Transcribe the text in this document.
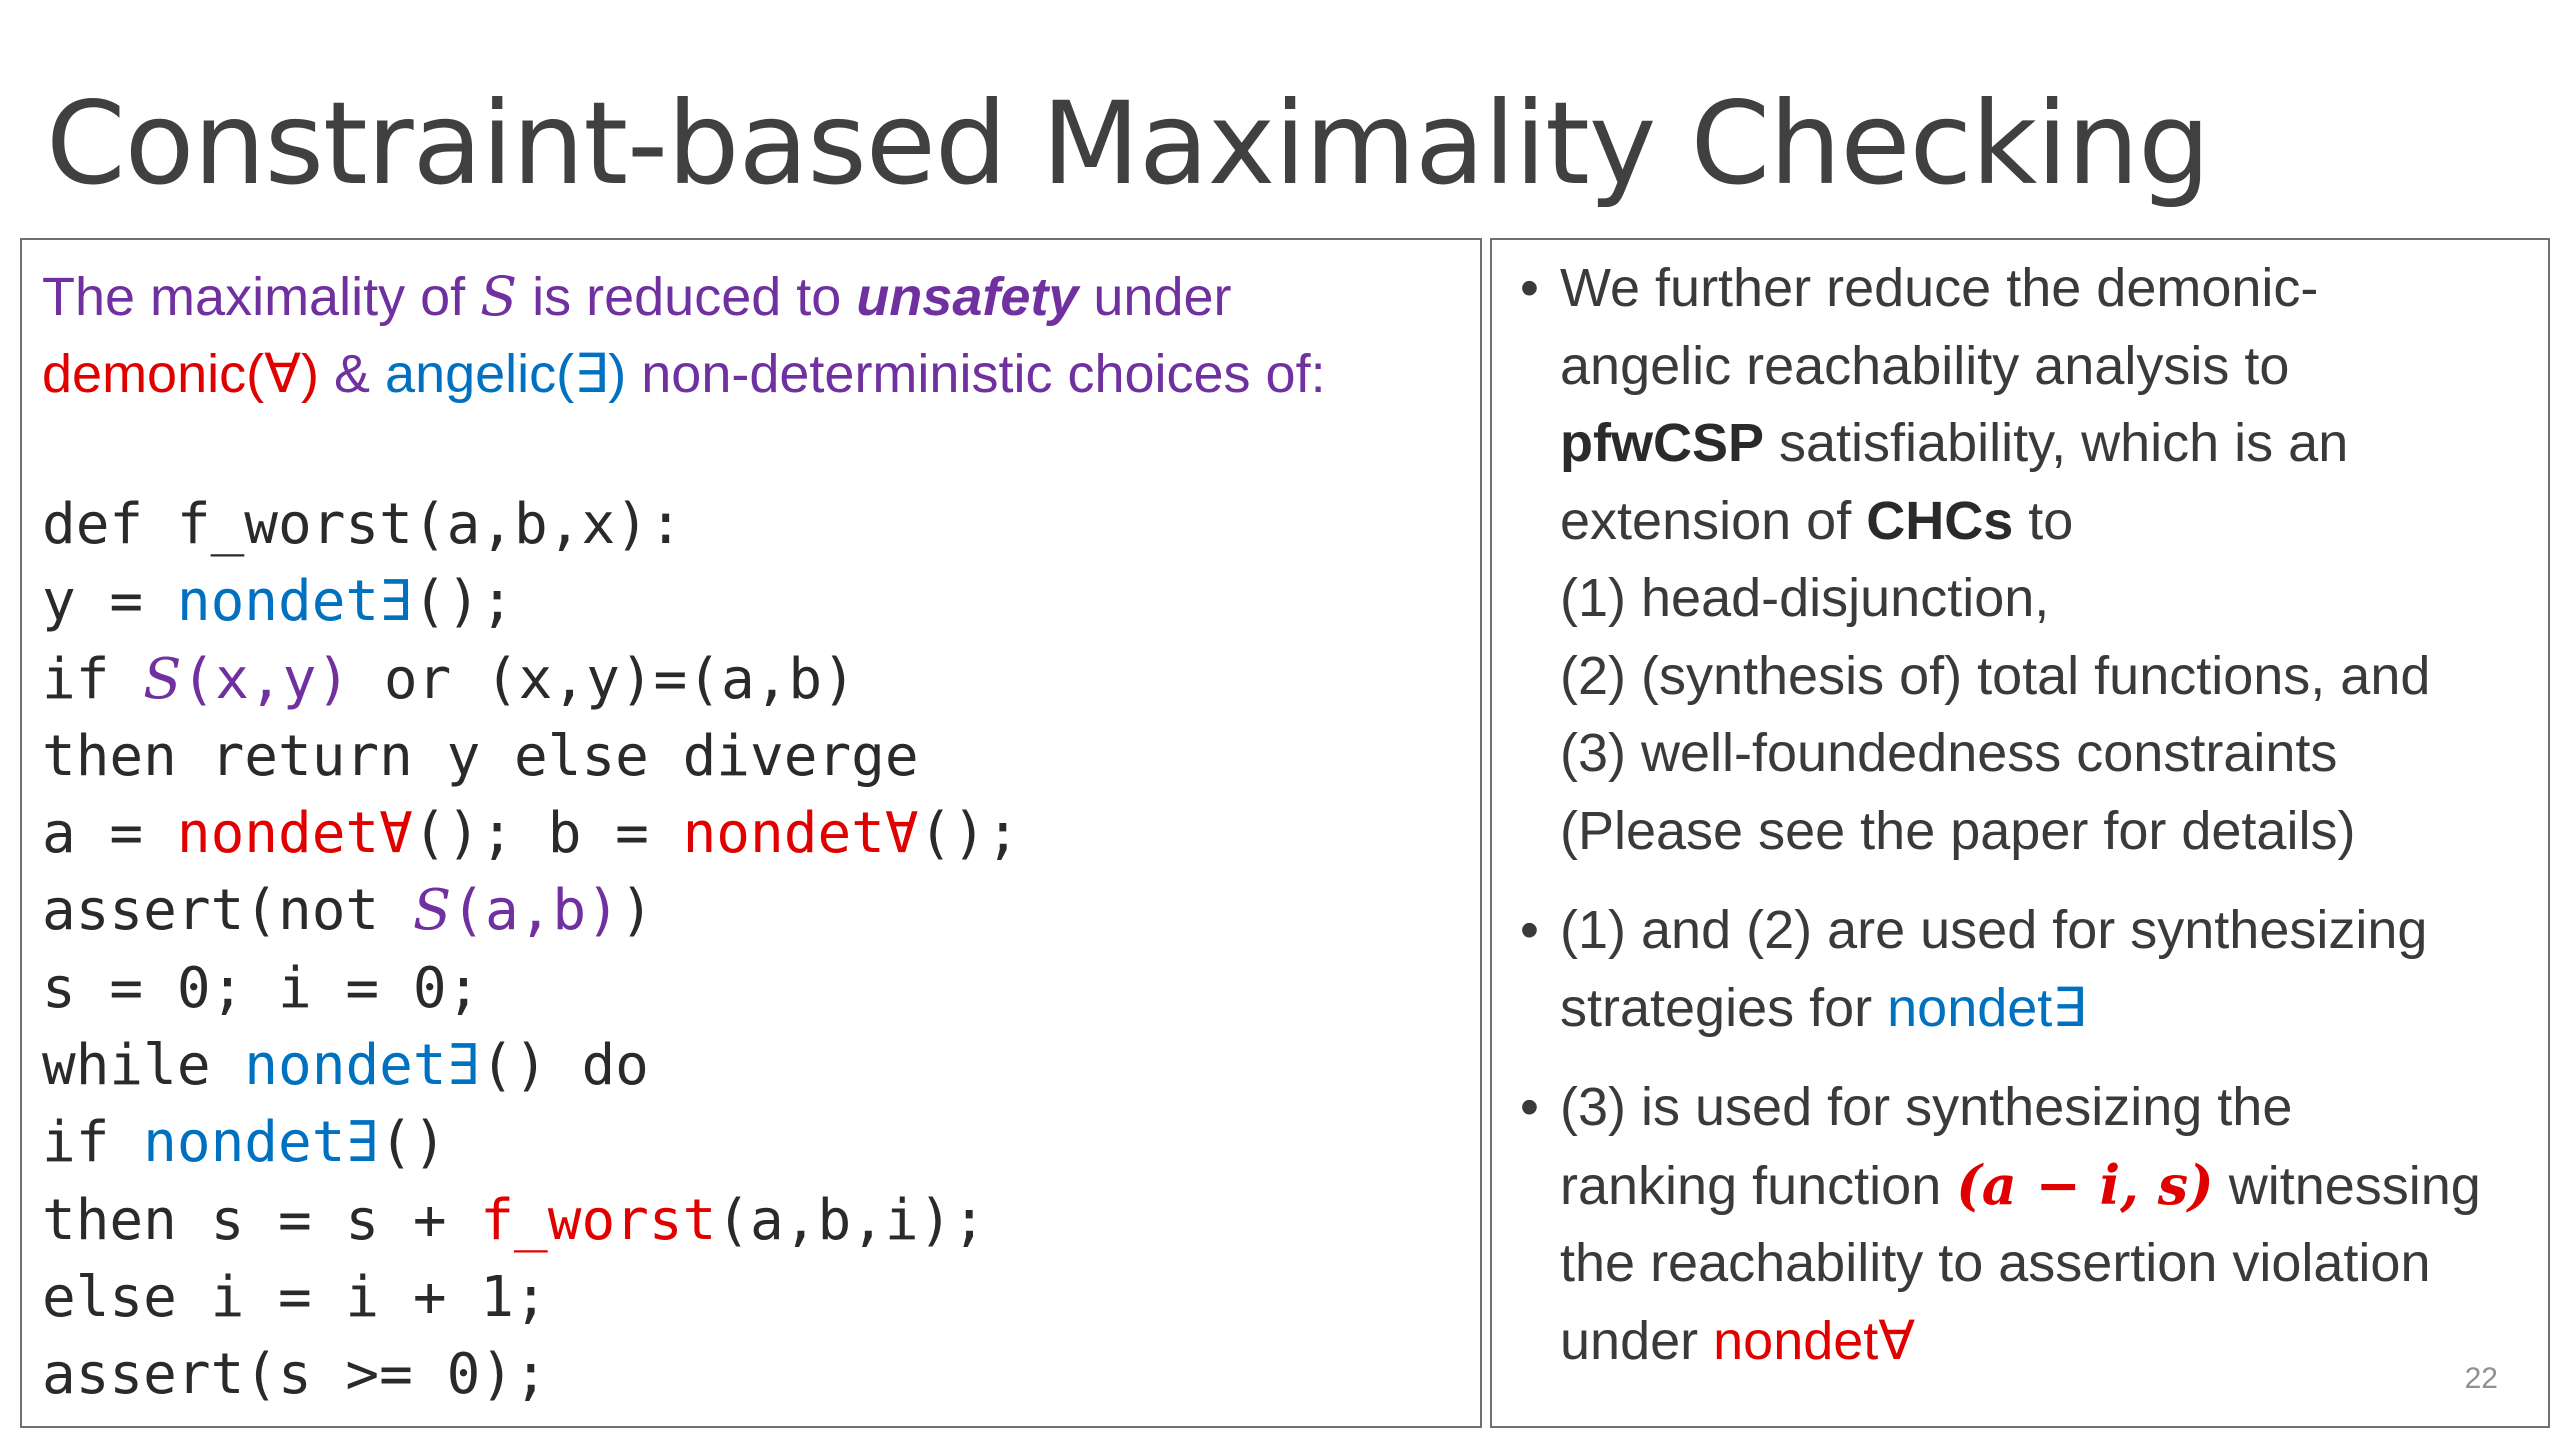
Constraint-based Maximality Checking
The maximality of S is reduced to unsafety under
demonic(∀) & angelic(∃) non-deterministic choices of:
def f_worst(a,b,x):
y = nondet∃();
if S(x,y) or (x,y)=(a,b)
then return y else diverge
a = nondet∀(); b = nondet∀();
assert(not S(a,b))
s = 0; i = 0;
while nondet∃() do
if nondet∃()
then s = s + f_worst(a,b,i);
else i = i + 1;
assert(s >= 0);
• We further reduce the demonic-
angelic reachability analysis to
pfwCSP satisfiability, which is an
extension of CHCs to
(1) head-disjunction,
(2) (synthesis of) total functions, and
(3) well-foundedness constraints
(Please see the paper for details)
• (1) and (2) are used for synthesizing
strategies for nondet∃
• (3) is used for synthesizing the
ranking function (a − i, s) witnessing
the reachability to assertion violation
under nondet∀
22
